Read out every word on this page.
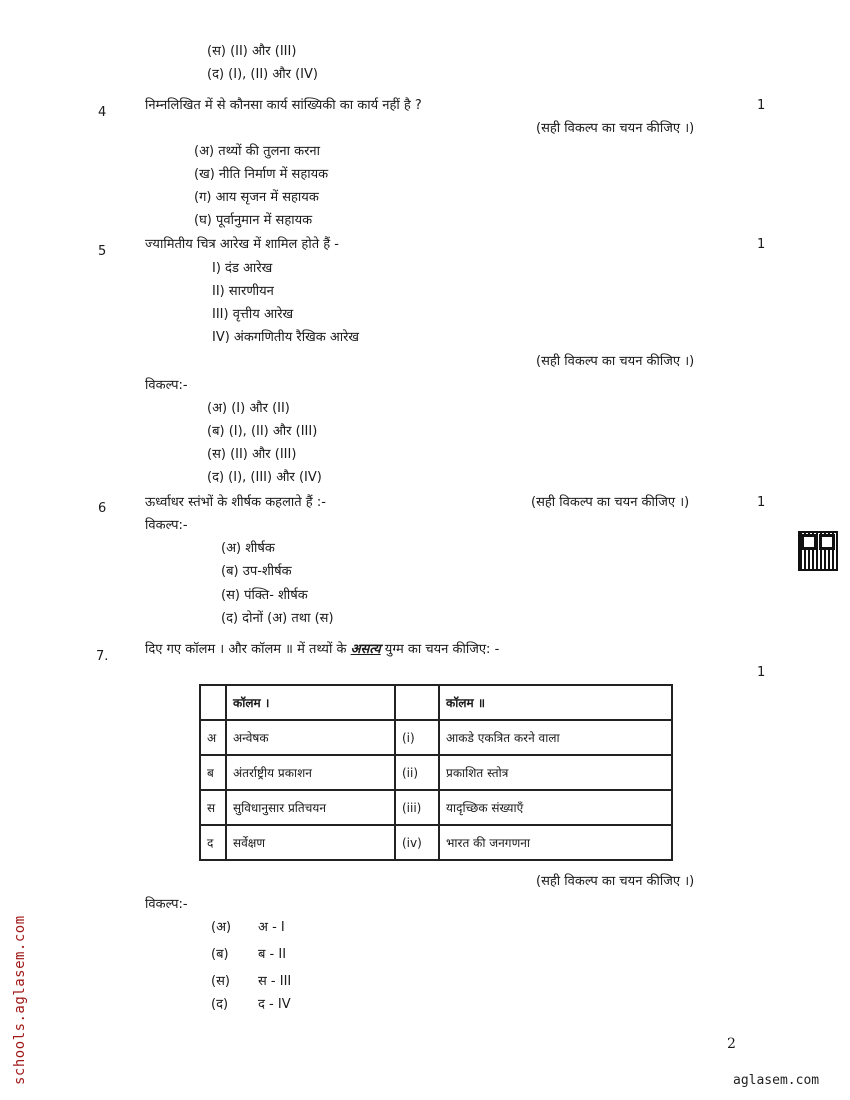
(स) (II) और (III)
(द) (I), (II) और (IV)
4	निम्नलिखित में से कौनसा कार्य सांख्यिकी का कार्य नहीं है ?	1
(सही विकल्प का चयन कीजिए ।)
(अ) तथ्यों की तुलना करना
(ख) नीति निर्माण में सहायक
(ग) आय सृजन में सहायक
(घ) पूर्वानुमान में सहायक
5	ज्यामितीय चित्र आरेख में शामिल होते हैं -	1
I) दंड आरेख
II) सारणीयन
III) वृत्तीय आरेख
IV) अंकगणितीय रैखिक आरेख
(सही विकल्प का चयन कीजिए ।)
विकल्प:-
(अ) (I) और (II)
(ब) (I), (II) और (III)
(स) (II) और (III)
(द) (I), (III) और (IV)
6	ऊर्ध्वाधर स्तंभों के शीर्षक कहलाते हैं :-	(सही विकल्प का चयन कीजिए ।)	1
विकल्प:-
(अ) शीर्षक
(ब) उप-शीर्षक
(स) पंक्ति- शीर्षक
(द) दोनों (अ) तथा (स)
7.	दिए गए कॉलम । और कॉलम ॥ में तथ्यों के असत्य युग्म का चयन कीजिए: -
1
	कॉलम ।		कॉलम ॥
अ	अन्वेषक	(i)	आकडे एकत्रित करने वाला
ब	अंतर्राष्ट्रीय प्रकाशन	(ii)	प्रकाशित स्तोत्र
स	सुविधानुसार प्रतिचयन	(iii)	यादृच्छिक संख्याएँ
द	सर्वेक्षण	(iv)	भारत की जनगणना
(सही विकल्प का चयन कीजिए ।)
विकल्प:-
(अ) अ - I
(ब) ब - II
(स) स - III
(द) द - IV
2
schools.aglasem.com	aglasem.com
